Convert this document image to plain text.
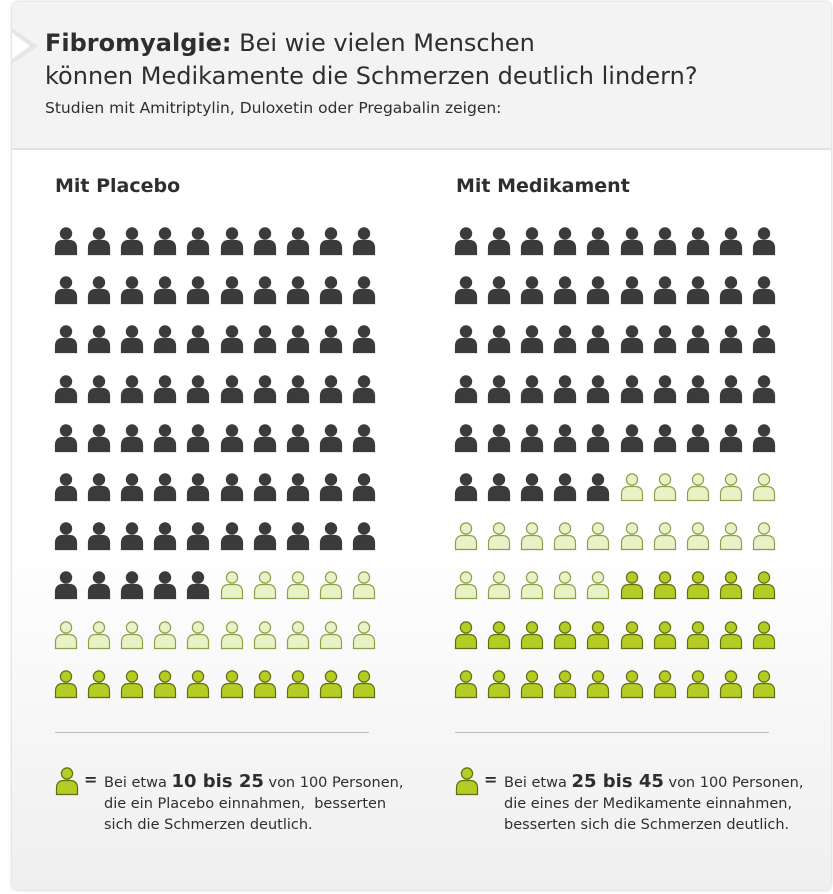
Fibromyalgie: Bei wie vielen Menschen
können Medikamente die Schmerzen deutlich lindern?
Studien mit Amitriptylin, Duloxetin oder Pregabalin zeigen:
Mit Placebo	Mit Medikament
= Bei etwa 10 bis 25 von 100 Personen,
die ein Placebo einnahmen,  besserten
sich die Schmerzen deutlich.
= Bei etwa 25 bis 45 von 100 Personen,
die eines der Medikamente einnahmen,
besserten sich die Schmerzen deutlich.
